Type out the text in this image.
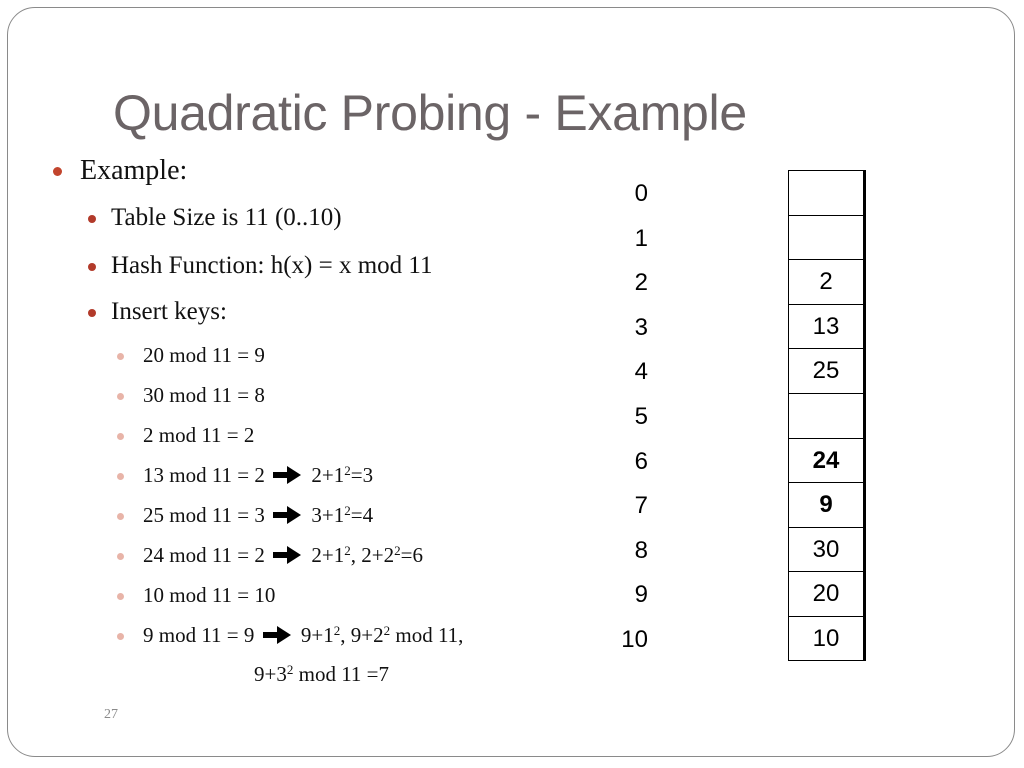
Quadratic Probing - Example
Example:
Table Size is 11 (0..10)
Hash Function: h(x) = x mod 11
Insert keys:
20 mod 11 = 9
30 mod 11 = 8
2 mod 11 = 2
13 mod 11 = 2 $2+1^2=3$
25 mod 11 = 3 $3+1^2=4$
24 mod 11 = 2 $2+1^2$, $2+2^2=6$
10 mod 11 = 10
9 mod 11 = 9 $9+1^2$, $9+2^2$ mod 11,
$9+3^2$ mod 11 =7
27
0
1
2	2
3	13
4	25
5
6	24
7	9
8	30
9	20
10	10
